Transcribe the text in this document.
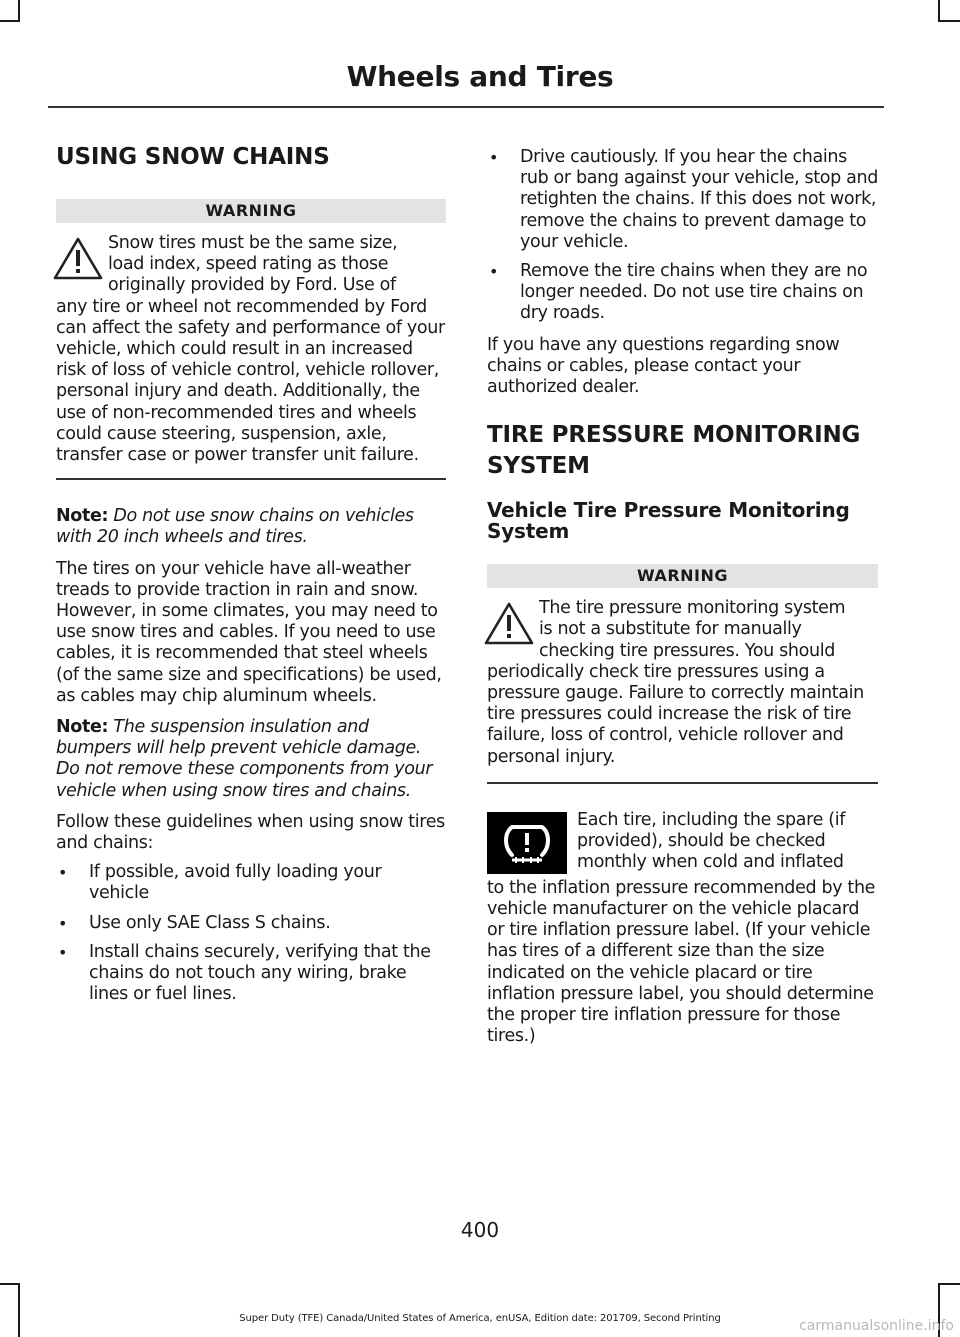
Wheels and Tires
USING SNOW CHAINS
WARNING
Snow tires must be the same size,
load index, speed rating as those
originally provided by Ford. Use of
any tire or wheel not recommended by Ford can affect the safety and performance of your vehicle, which could result in an increased risk of loss of vehicle control, vehicle rollover, personal injury and death. Additionally, the use of non-recommended tires and wheels could cause steering, suspension, axle, transfer case or power transfer unit failure.

Note: Do not use snow chains on vehicles with 20 inch wheels and tires.

The tires on your vehicle have all-weather treads to provide traction in rain and snow. However, in some climates, you may need to use snow tires and cables. If you need to use cables, it is recommended that steel wheels (of the same size and specifications) be used, as cables may chip aluminum wheels.

Note: The suspension insulation and bumpers will help prevent vehicle damage. Do not remove these components from your vehicle when using snow tires and chains.

Follow these guidelines when using snow tires and chains:

• If possible, avoid fully loading your vehicle
• Use only SAE Class S chains.
• Install chains securely, verifying that the chains do not touch any wiring, brake lines or fuel lines.
• Drive cautiously. If you hear the chains rub or bang against your vehicle, stop and retighten the chains. If this does not work, remove the chains to prevent damage to your vehicle.
• Remove the tire chains when they are no longer needed. Do not use tire chains on dry roads.

If you have any questions regarding snow chains or cables, please contact your authorized dealer.

TIRE PRESSURE MONITORING
SYSTEM
Vehicle Tire Pressure Monitoring System
WARNING
The tire pressure monitoring system
is not a substitute for manually
checking tire pressures. You should
periodically check tire pressures using a pressure gauge. Failure to correctly maintain tire pressures could increase the risk of tire failure, loss of control, vehicle rollover and personal injury.
Each tire, including the spare (if
provided), should be checked
monthly when cold and inflated
to the inflation pressure recommended by the vehicle manufacturer on the vehicle placard or tire inflation pressure label. (If your vehicle has tires of a different size than the size indicated on the vehicle placard or tire inflation pressure label, you should determine the proper tire inflation pressure for those tires.)
400
Super Duty (TFE) Canada/United States of America, enUSA, Edition date: 201709, Second Printing	carmanualsonline.info
